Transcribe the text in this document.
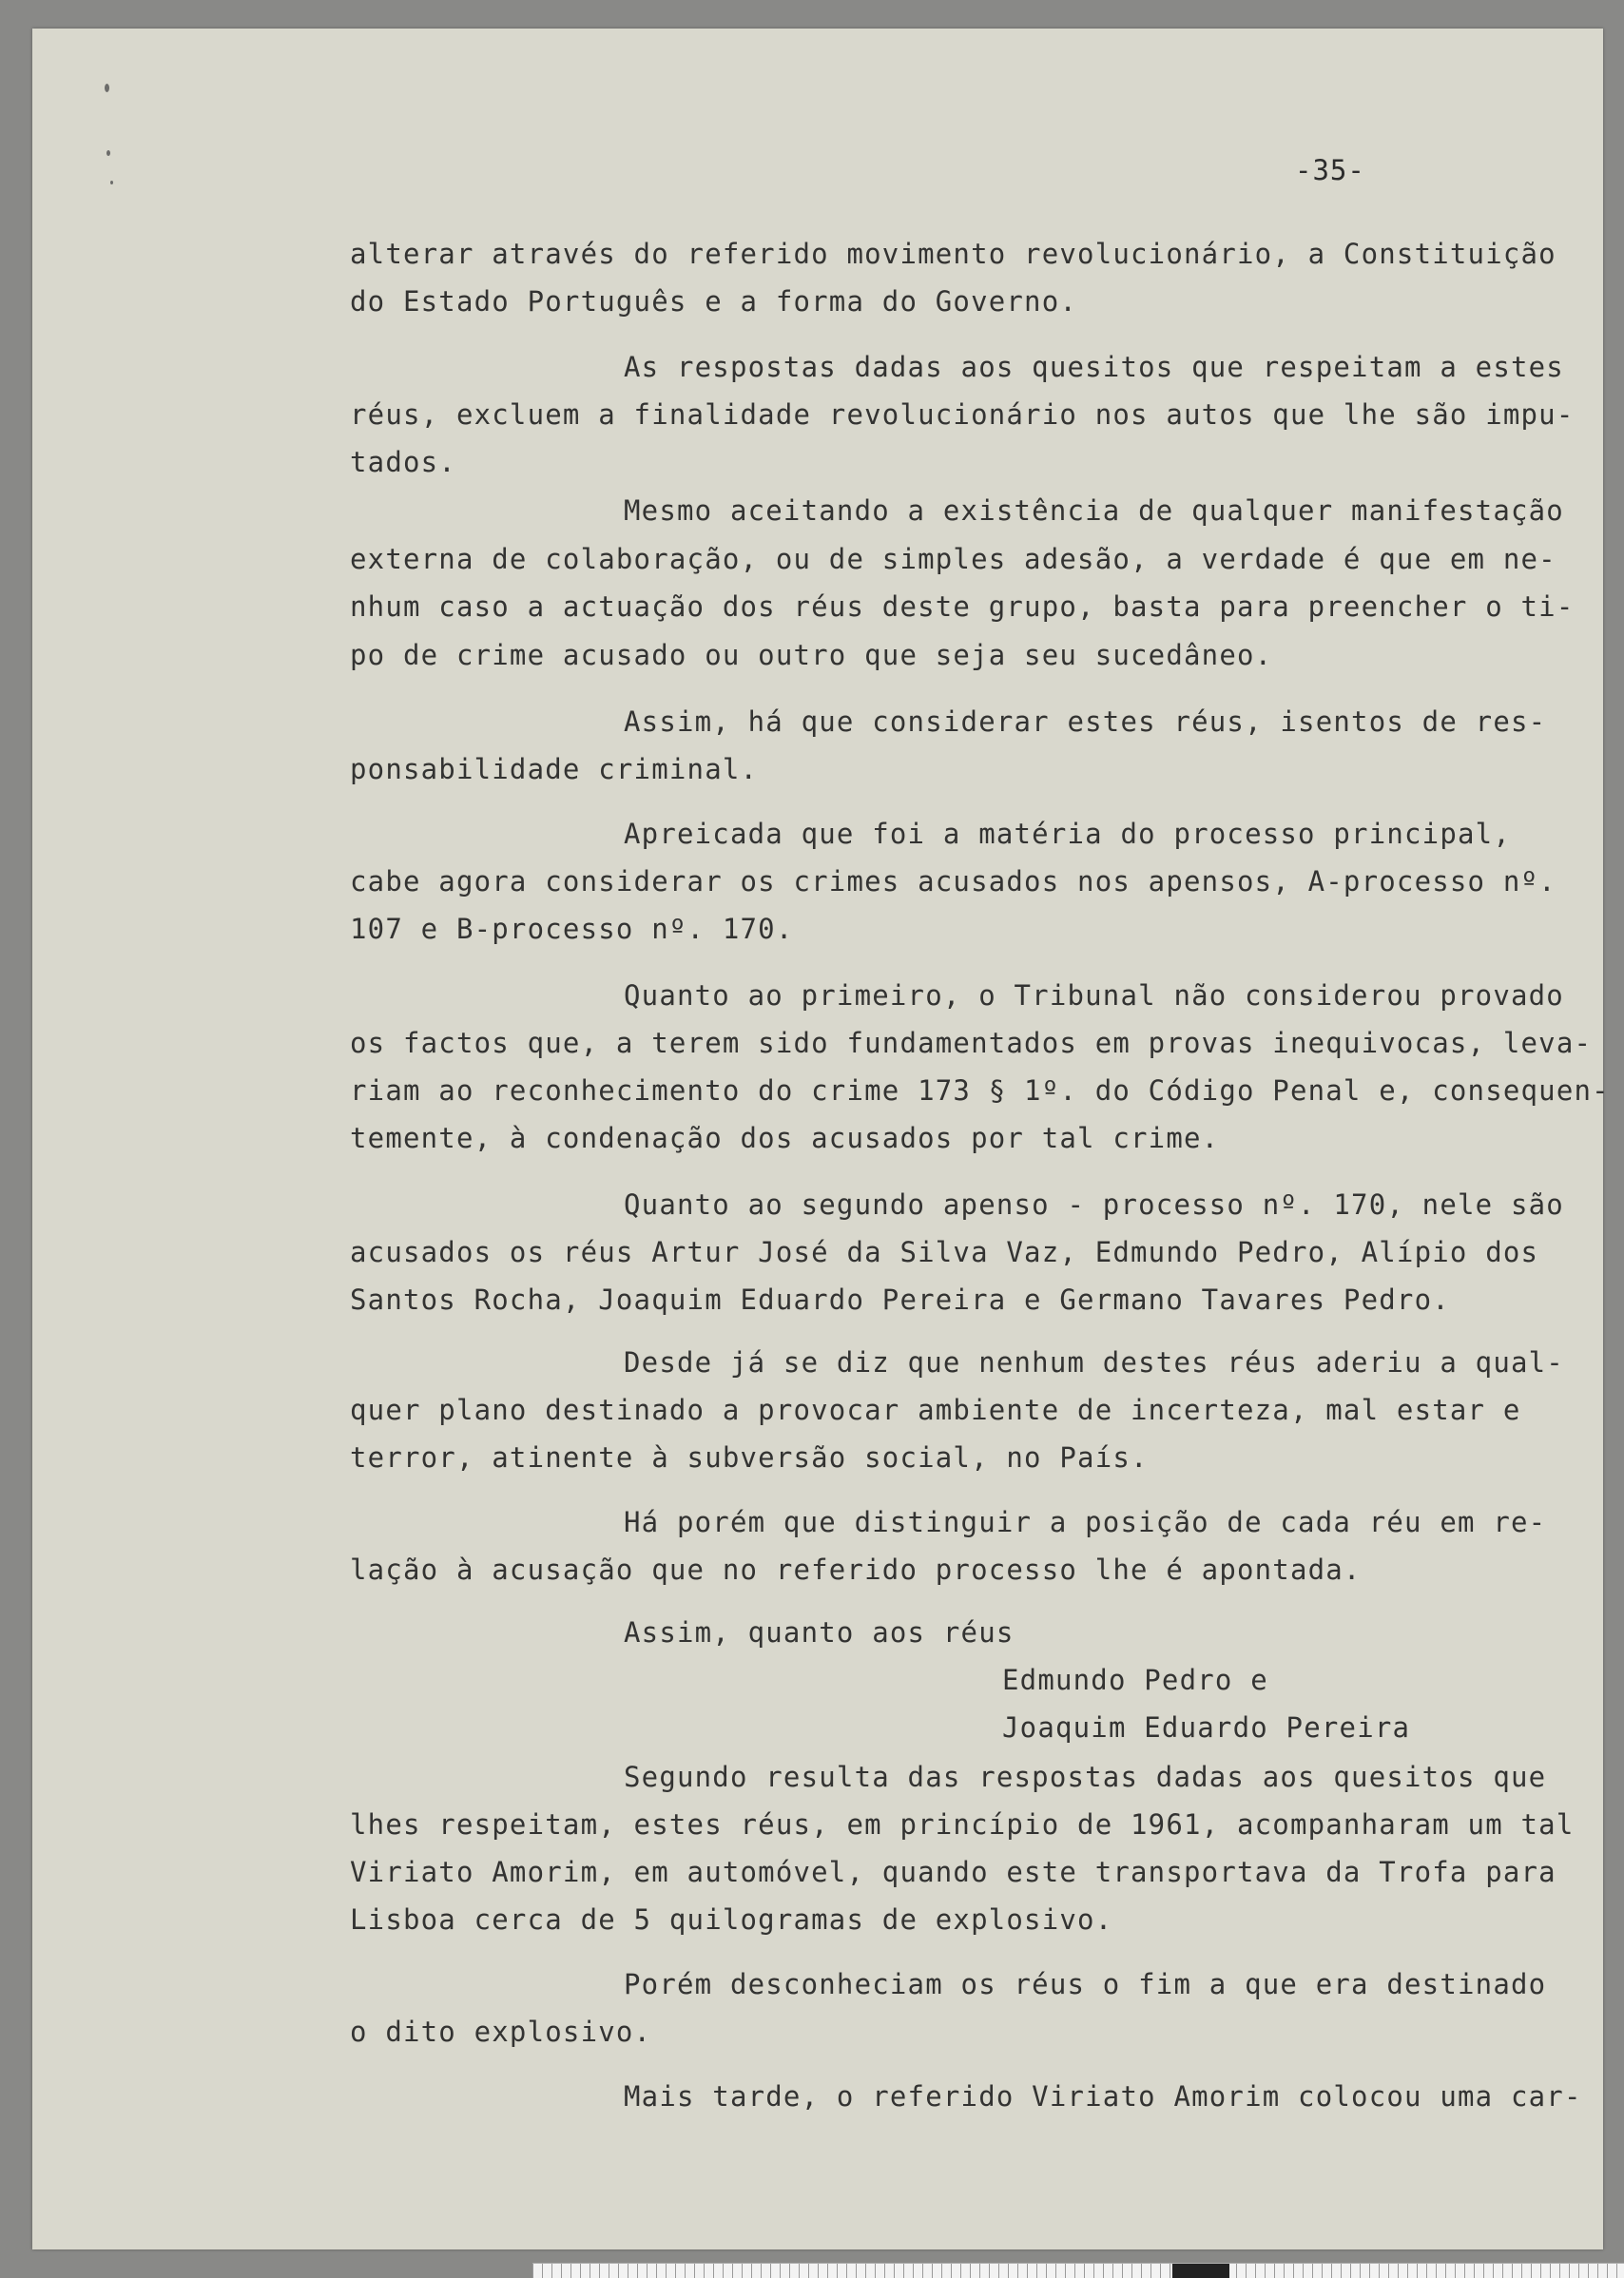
-35-
alterar através do referido movimento revolucionário, a Constituição
do Estado Português e a forma do Governo.
As respostas dadas aos quesitos que respeitam a estes
réus, excluem a finalidade revolucionário nos autos que lhe são impu-
tados.
Mesmo aceitando a existência de qualquer manifestação
externa de colaboração, ou de simples adesão, a verdade é que em ne-
nhum caso a actuação dos réus deste grupo, basta para preencher o ti-
po de crime acusado ou outro que seja seu sucedâneo.
Assim, há que considerar estes réus, isentos de res-
ponsabilidade criminal.
Apreicada que foi a matéria do processo principal,
cabe agora considerar os crimes acusados nos apensos, A-processo nº.
107 e B-processo nº. 170.
Quanto ao primeiro, o Tribunal não considerou provado
os factos que, a terem sido fundamentados em provas inequivocas, leva-
riam ao reconhecimento do crime 173 § 1º. do Código Penal e, consequen-
temente, à condenação dos acusados por tal crime.
Quanto ao segundo apenso - processo nº. 170, nele são
acusados os réus Artur José da Silva Vaz, Edmundo Pedro, Alípio dos
Santos Rocha, Joaquim Eduardo Pereira e Germano Tavares Pedro.
Desde já se diz que nenhum destes réus aderiu a qual-
quer plano destinado a provocar ambiente de incerteza, mal estar e
terror, atinente à subversão social, no País.
Há porém que distinguir a posição de cada réu em re-
lação à acusação que no referido processo lhe é apontada.
Assim, quanto aos réus
Edmundo Pedro e
Joaquim Eduardo Pereira
Segundo resulta das respostas dadas aos quesitos que
lhes respeitam, estes réus, em princípio de 1961, acompanharam um tal
Viriato Amorim, em automóvel, quando este transportava da Trofa para
Lisboa cerca de 5 quilogramas de explosivo.
Porém desconheciam os réus o fim a que era destinado
o dito explosivo.
Mais tarde, o referido Viriato Amorim colocou uma car-
